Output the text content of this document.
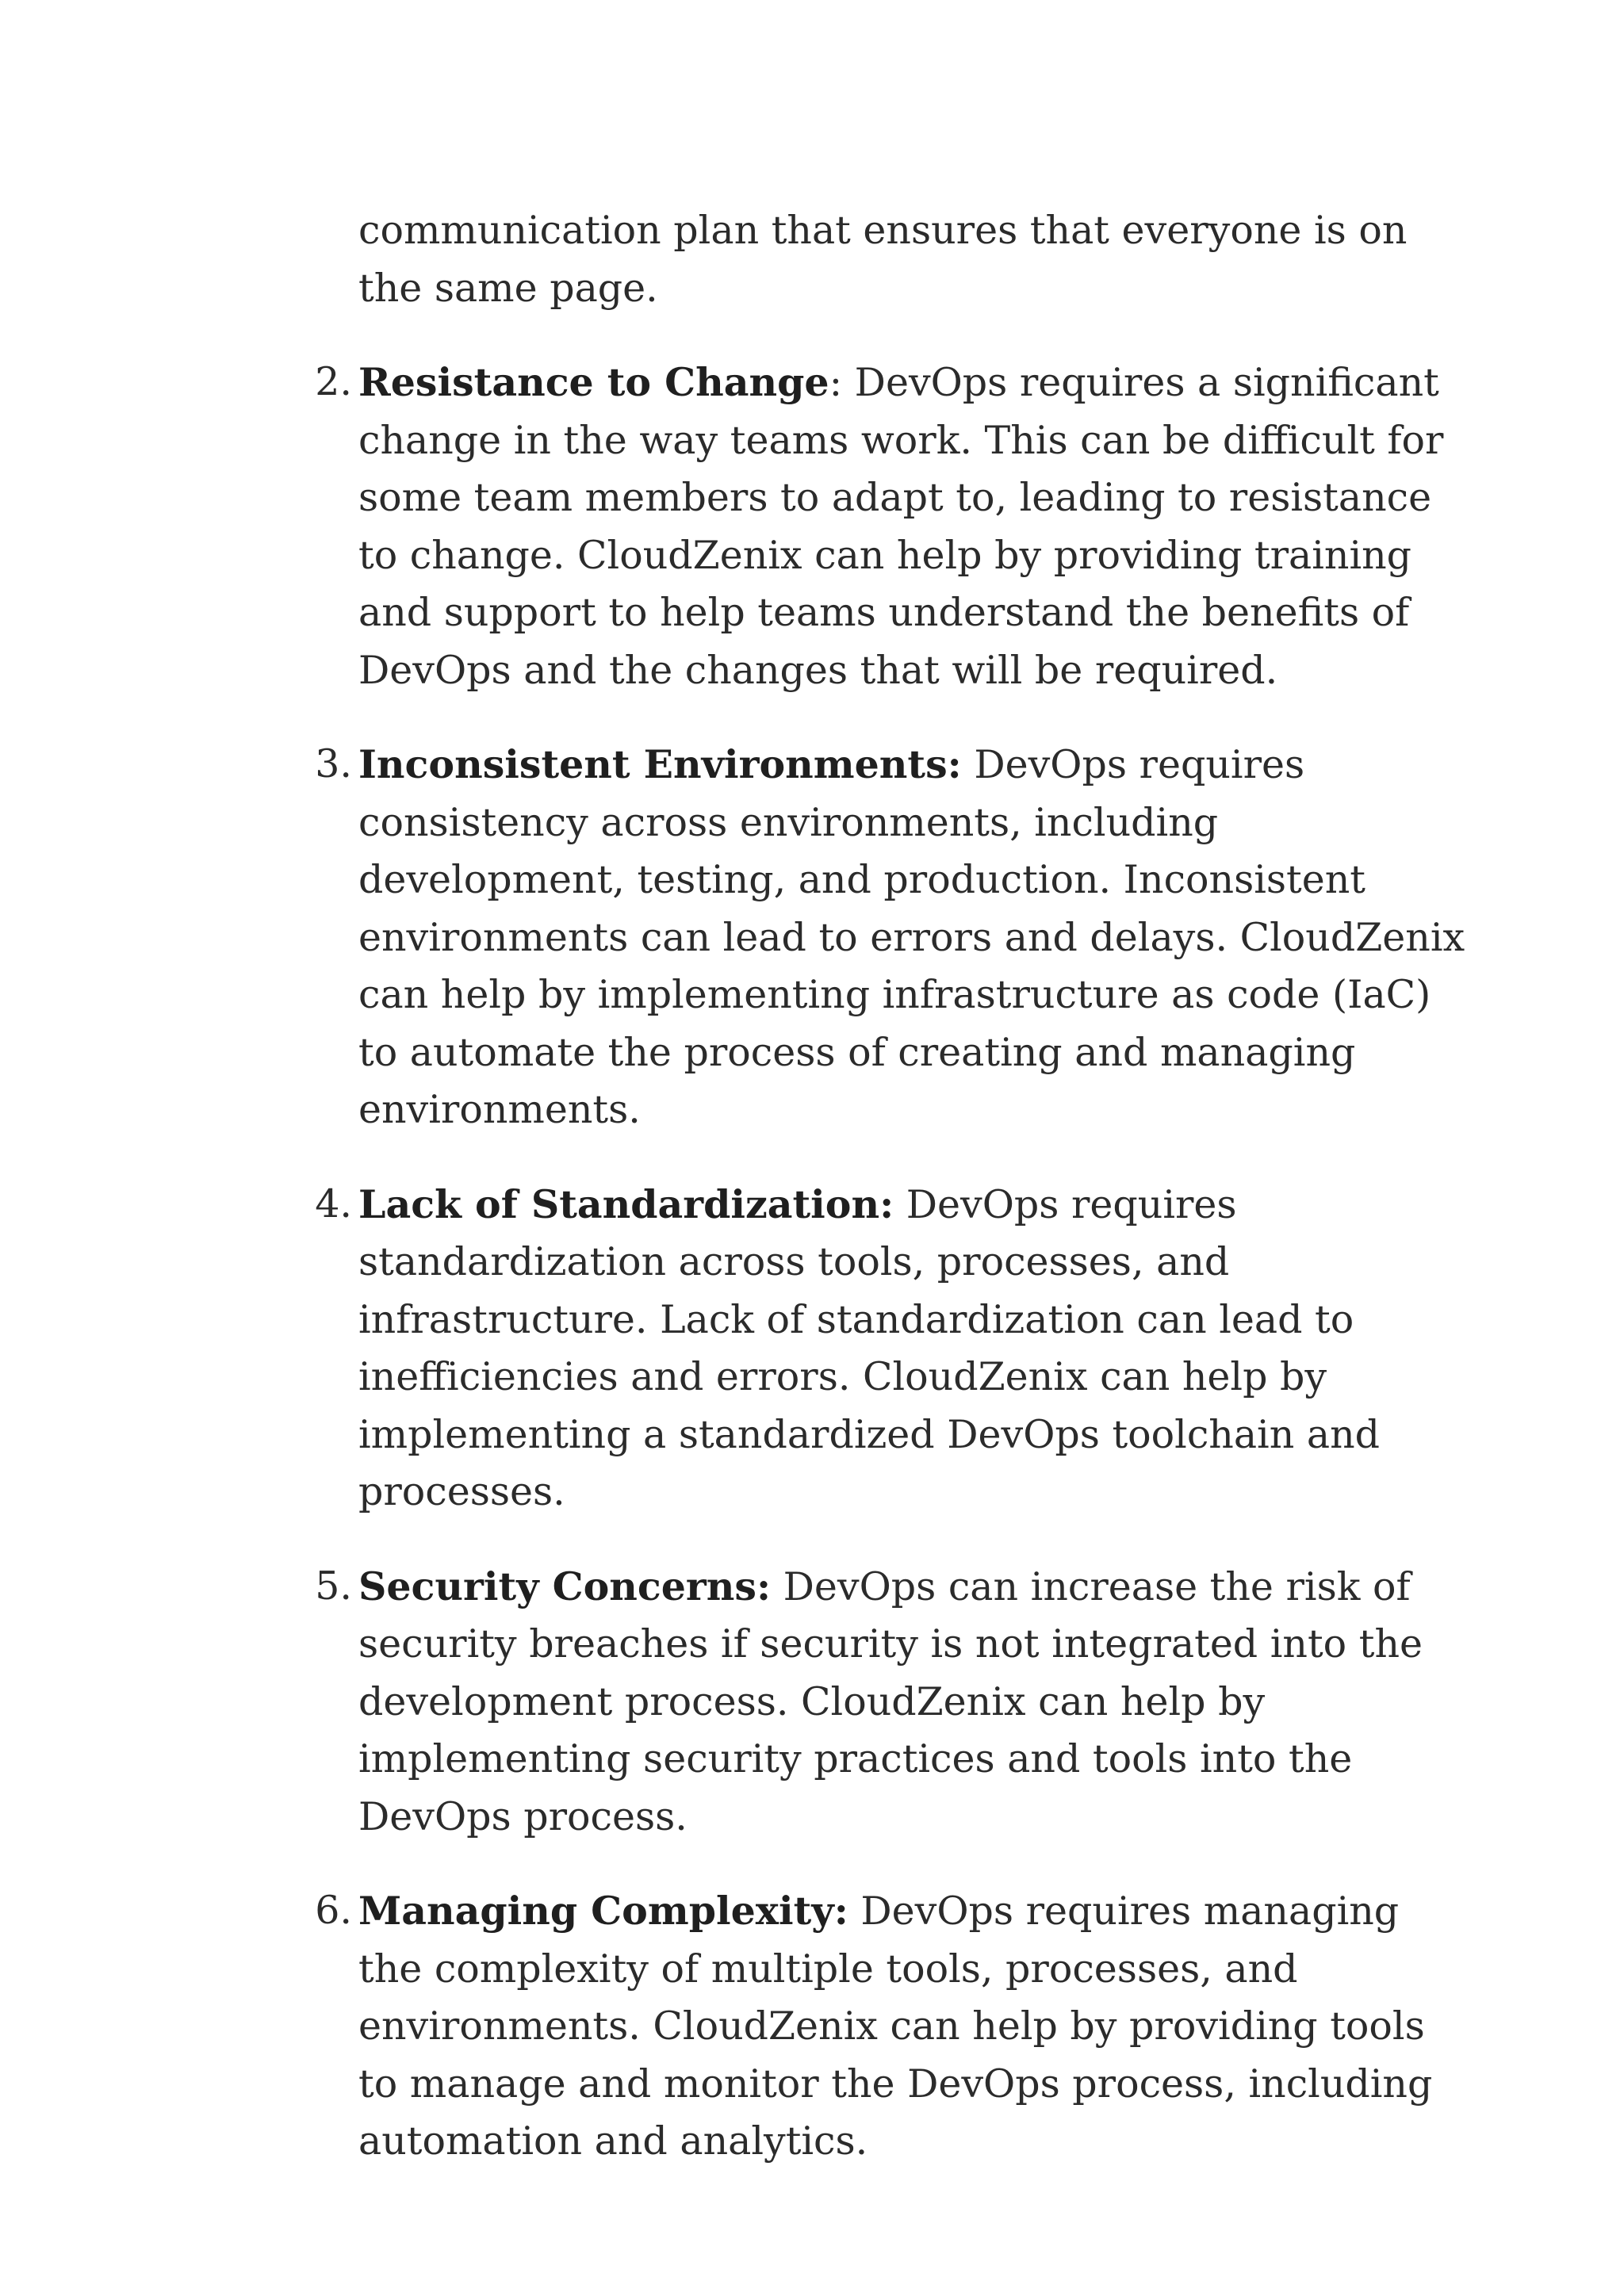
communication plan that ensures that everyone is on the same page.

2. Resistance to Change: DevOps requires a significant change in the way teams work. This can be difficult for some team members to adapt to, leading to resistance to change. CloudZenix can help by providing training and support to help teams understand the benefits of DevOps and the changes that will be required.
3. Inconsistent Environments: DevOps requires consistency across environments, including development, testing, and production. Inconsistent environments can lead to errors and delays. CloudZenix can help by implementing infrastructure as code (IaC) to automate the process of creating and managing environments.
4. Lack of Standardization: DevOps requires standardization across tools, processes, and infrastructure. Lack of standardization can lead to inefficiencies and errors. CloudZenix can help by implementing a standardized DevOps toolchain and processes.
5. Security Concerns: DevOps can increase the risk of security breaches if security is not integrated into the development process. CloudZenix can help by implementing security practices and tools into the DevOps process.
6. Managing Complexity: DevOps requires managing the complexity of multiple tools, processes, and environments. CloudZenix can help by providing tools to manage and monitor the DevOps process, including automation and analytics.
